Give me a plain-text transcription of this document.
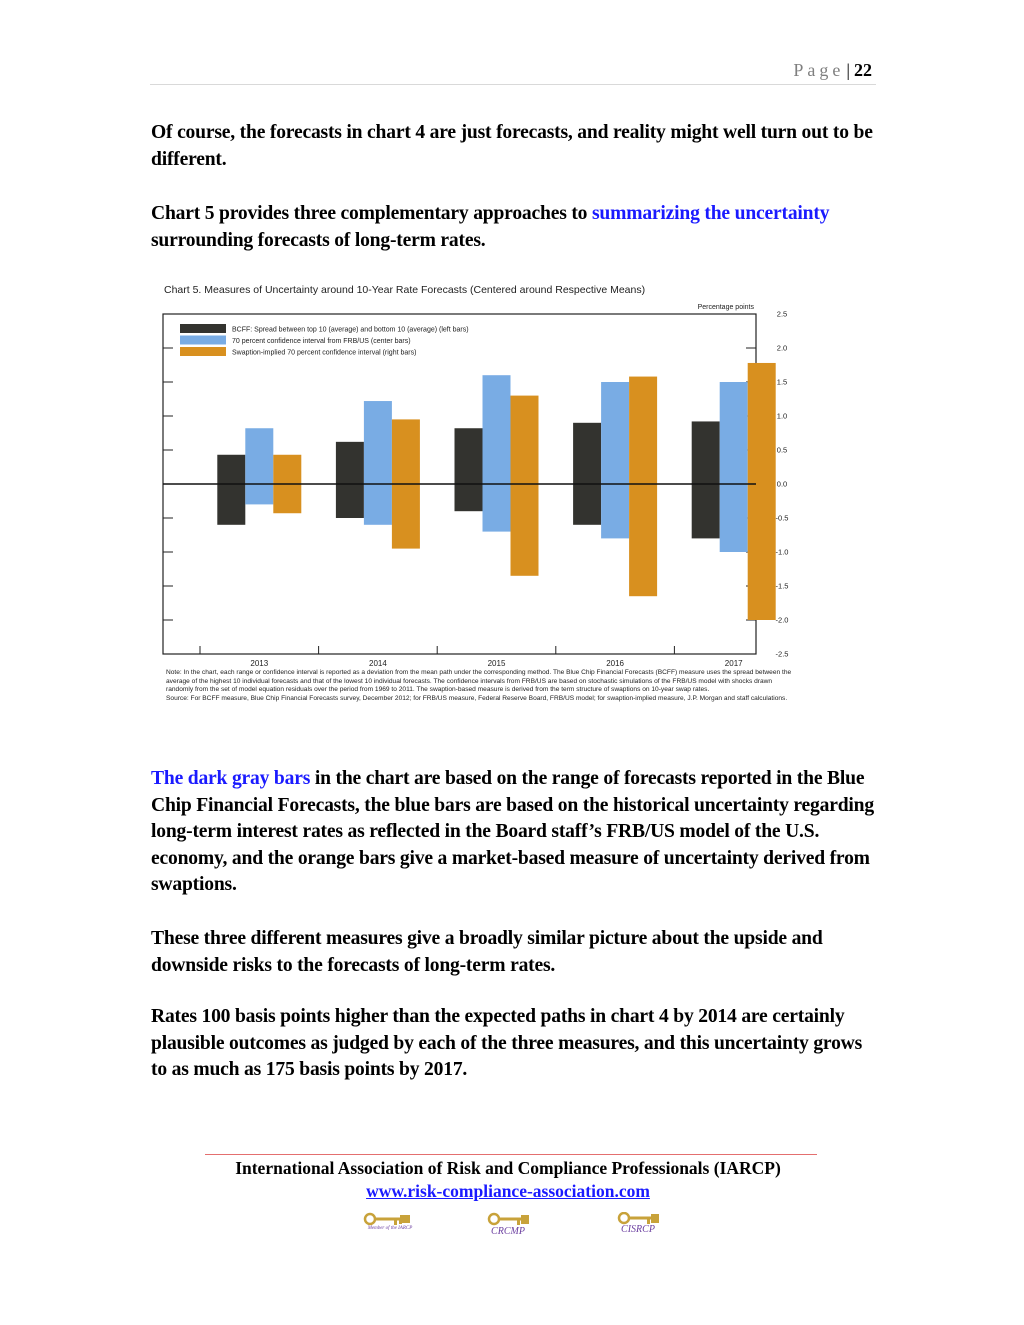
Page | 22

Of course, the forecasts in chart 4 are just forecasts, and reality might well turn out to be different.

Chart 5 provides three complementary approaches to summarizing the uncertainty surrounding forecasts of long-term rates.

Chart 5. Measures of Uncertainty around 10-Year Rate Forecasts (Centered around Respective Means)
2.5
2.0
1.5
1.0
0.5
0.0
-0.5
-1.0
-1.5
-2.0
-2.5
Percentage points
2013	2014	2015	2016	2017
BCFF: Spread between top 10 (average) and bottom 10 (average) (left bars)
70 percent confidence interval from FRB/US (center bars)
Swaption-implied 70 percent confidence interval (right bars)

Note: In the chart, each range or confidence interval is reported as a deviation from the mean path under the corresponding method. The Blue Chip Financial Forecasts (BCFF) measure uses the spread between the average of the highest 10 individual forecasts and that of the lowest 10 individual forecasts. The confidence intervals from FRB/US are based on stochastic simulations of the FRB/US model with shocks drawn randomly from the set of model equation residuals over the period from 1969 to 2011. The swaption-based measure is derived from the term structure of swaptions on 10-year swap rates.

Source: For BCFF measure, Blue Chip Financial Forecasts survey, December 2012; for FRB/US measure, Federal Reserve Board, FRB/US model; for swaption-implied measure, J.P. Morgan and staff calculations.

The dark gray bars in the chart are based on the range of forecasts reported in the Blue Chip Financial Forecasts, the blue bars are based on the historical uncertainty regarding long-term interest rates as reflected in the Board staff’s FRB/US model of the U.S. economy, and the orange bars give a market-based measure of uncertainty derived from swaptions.

These three different measures give a broadly similar picture about the upside and downside risks to the forecasts of long-term rates.

Rates 100 basis points higher than the expected paths in chart 4 by 2014 are certainly plausible outcomes as judged by each of the three measures, and this uncertainty grows to as much as 175 basis points by 2017.

International Association of Risk and Compliance Professionals (IARCP)
www.risk-compliance-association.com
Member of the IARCP	CRCMP	CISRCP
